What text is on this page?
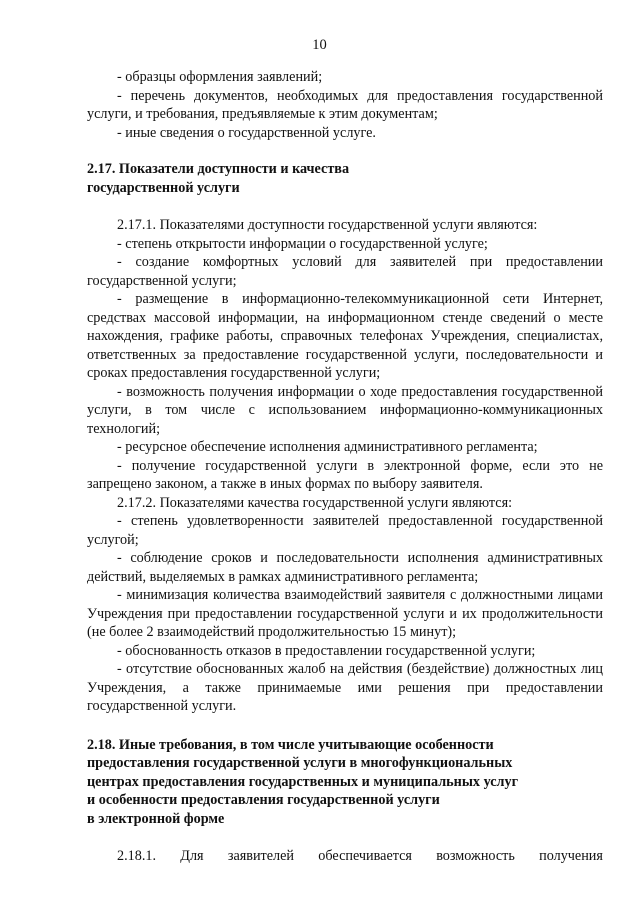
10

- образцы оформления заявлений;

- перечень документов, необходимых для предоставления государственной услуги, и требования, предъявляемые к этим документам;

- иные сведения о государственной услуге.

2.17. Показатели доступности и качества
государственной услуги

2.17.1. Показателями доступности государственной услуги являются:

- степень открытости информации о государственной услуге;

- создание комфортных условий для заявителей при предоставлении государственной услуги;

- размещение в информационно-телекоммуникационной сети Интернет, средствах массовой информации, на информационном стенде сведений о месте нахождения, графике работы, справочных телефонах Учреждения, специалистах, ответственных за предоставление государственной услуги, последовательности и сроках предоставления государственной услуги;

- возможность получения информации о ходе предоставления государственной услуги, в том числе с использованием информационно-коммуникационных технологий;

- ресурсное обеспечение исполнения административного регламента;

- получение государственной услуги в электронной форме, если это не запрещено законом, а также в иных формах по выбору заявителя.

2.17.2. Показателями качества государственной услуги являются:

- степень удовлетворенности заявителей предоставленной государственной услугой;

- соблюдение сроков и последовательности исполнения административных действий, выделяемых в рамках административного регламента;

- минимизация количества взаимодействий заявителя с должностными лицами Учреждения при предоставлении государственной услуги и их продолжительности (не более 2 взаимодействий продолжительностью 15 минут);

- обоснованность отказов в предоставлении государственной услуги;

- отсутствие обоснованных жалоб на действия (бездействие) должностных лиц Учреждения, а также принимаемые ими решения при предоставлении государственной услуги.

2.18. Иные требования, в том числе учитывающие особенности
предоставления государственной услуги в многофункциональных
центрах предоставления государственных и муниципальных услуг
и особенности предоставления государственной услуги
в электронной форме

2.18.1. Для заявителей обеспечивается возможность получения
